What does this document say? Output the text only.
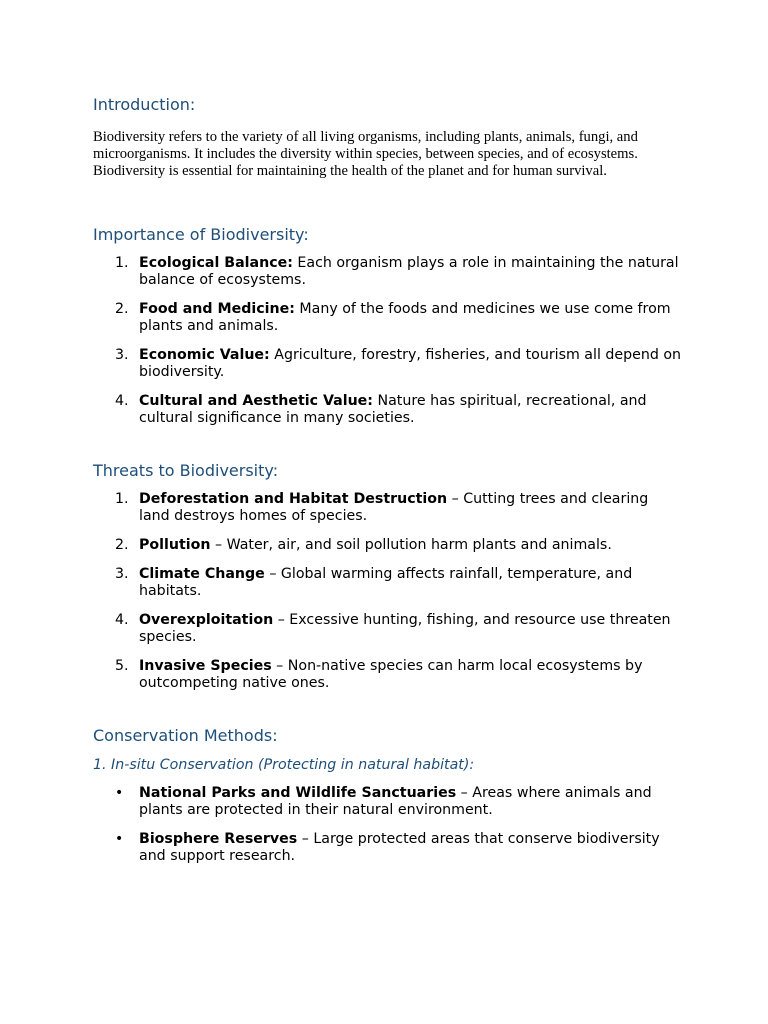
Introduction:

Biodiversity refers to the variety of all living organisms, including plants, animals, fungi, and microorganisms. It includes the diversity within species, between species, and of ecosystems. Biodiversity is essential for maintaining the health of the planet and for human survival.

Importance of Biodiversity:
1. Ecological Balance: Each organism plays a role in maintaining the natural balance of ecosystems.
2. Food and Medicine: Many of the foods and medicines we use come from plants and animals.
3. Economic Value: Agriculture, forestry, fisheries, and tourism all depend on biodiversity.
4. Cultural and Aesthetic Value: Nature has spiritual, recreational, and cultural significance in many societies.
Threats to Biodiversity:
1. Deforestation and Habitat Destruction – Cutting trees and clearing land destroys homes of species.
2. Pollution – Water, air, and soil pollution harm plants and animals.
3. Climate Change – Global warming affects rainfall, temperature, and habitats.
4. Overexploitation – Excessive hunting, fishing, and resource use threaten species.
5. Invasive Species – Non-native species can harm local ecosystems by outcompeting native ones.
Conservation Methods:
1. In-situ Conservation (Protecting in natural habitat):
• National Parks and Wildlife Sanctuaries – Areas where animals and plants are protected in their natural environment.
• Biosphere Reserves – Large protected areas that conserve biodiversity and support research.
